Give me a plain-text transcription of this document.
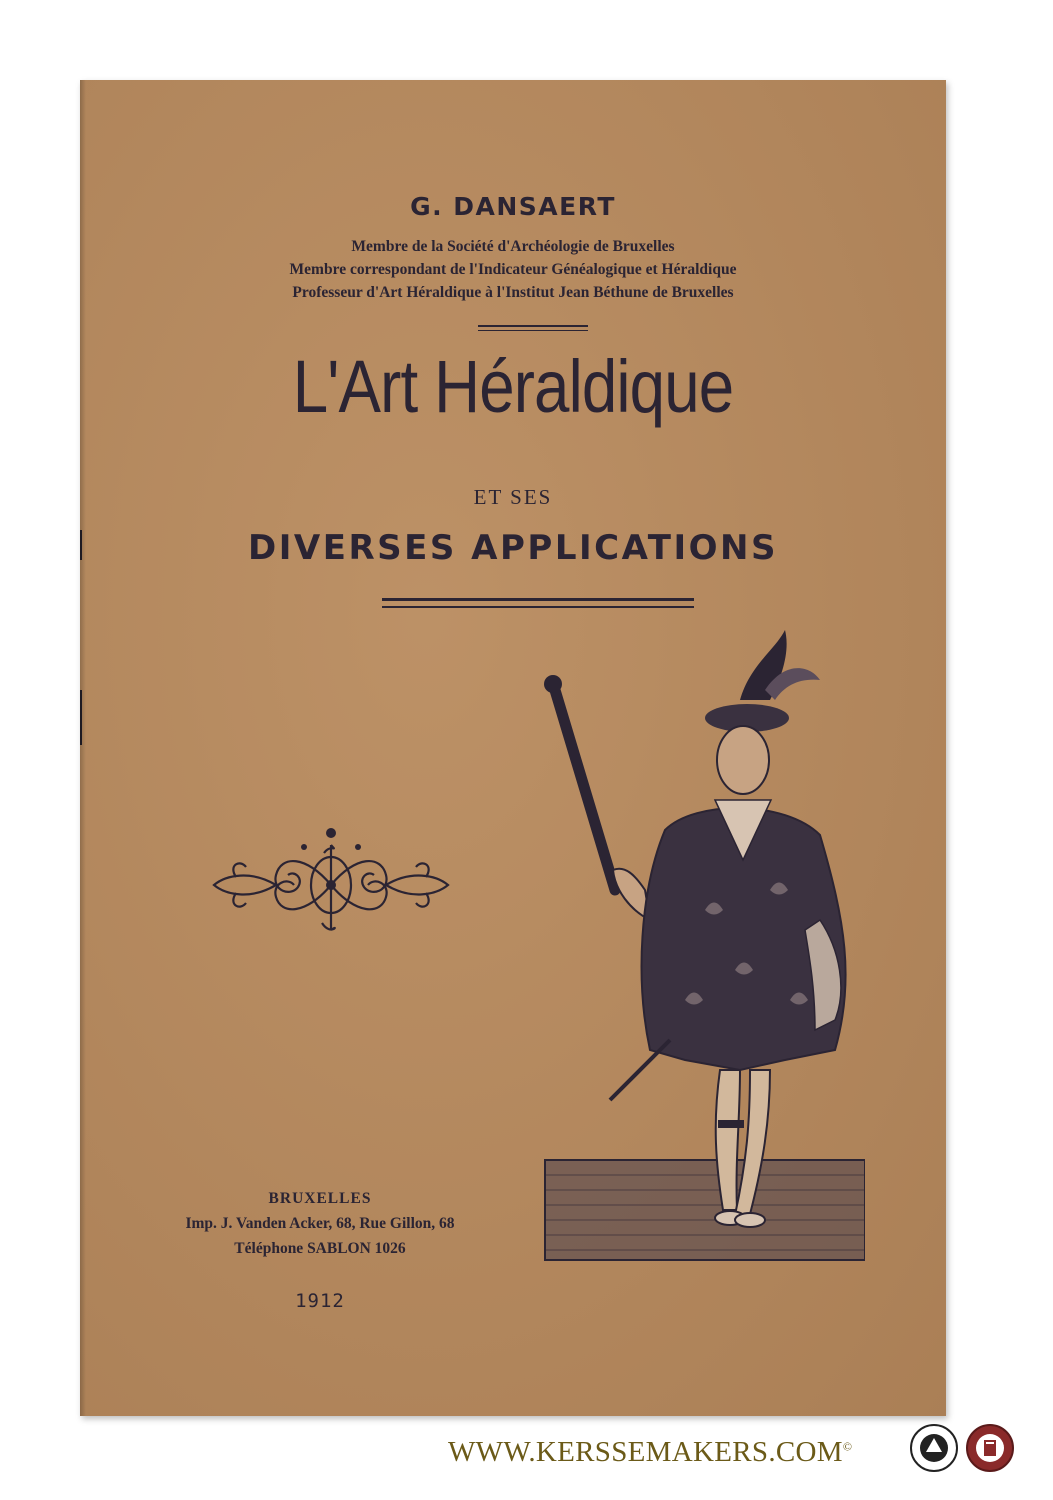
G. DANSAERT
Membre de la Société d'Archéologie de Bruxelles
Membre correspondant de l'Indicateur Généalogique et Héraldique
Professeur d'Art Héraldique à l'Institut Jean Béthune de Bruxelles
L'Art Héraldique
ET SES
DIVERSES APPLICATIONS
BRUXELLES
Imp. J. Vanden Acker, 68, Rue Gillon, 68
Téléphone SABLON 1026
1912
WWW.KERSSEMAKERS.COM©
